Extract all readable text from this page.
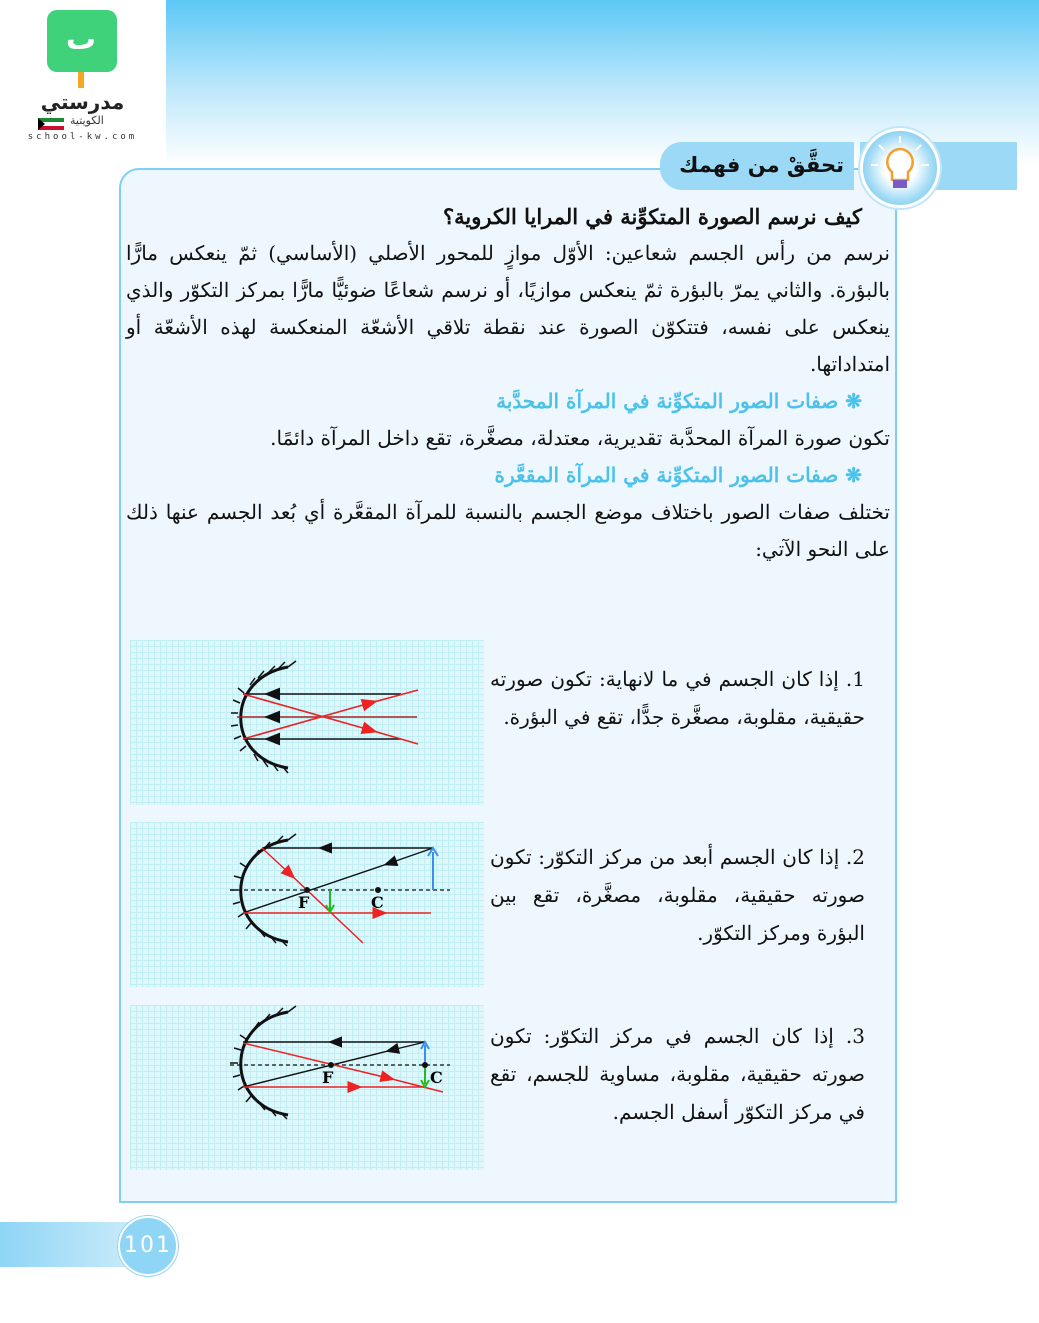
ٮ
مدرستي
الكويتية
school-kw.com
تحقَّقْ من فهمك
كيف نرسم الصورة المتكوِّنة في المرايا الكروية؟
نرسم من رأس الجسم شعاعين: الأوّل موازٍ للمحور الأصلي (الأساسي) ثمّ ينعكس مارًّا بالبؤرة. والثاني يمرّ بالبؤرة ثمّ ينعكس موازيًا، أو نرسم شعاعًا ضوئيًّا مارًّا بمركز التكوّر والذي ينعكس على نفسه، فتتكوّن الصورة عند نقطة تلاقي الأشعّة المنعكسة لهذه الأشعّة أو امتداداتها.
❋ صفات الصور المتكوِّنة في المرآة المحدَّبة
تكون صورة المرآة المحدَّبة تقديرية، معتدلة، مصغَّرة، تقع داخل المرآة دائمًا.
❋ صفات الصور المتكوِّنة في المرآة المقعَّرة
تختلف صفات الصور باختلاف موضع الجسم بالنسبة للمرآة المقعَّرة أي بُعد الجسم عنها ذلك على النحو الآتي:
1. إذا كان الجسم في ما لانهاية: تكون صورته حقيقية، مقلوبة، مصغَّرة جدًّا، تقع في البؤرة.
F	C
2. إذا كان الجسم أبعد من مركز التكوّر: تكون صورته حقيقية، مقلوبة، مصغَّرة، تقع بين البؤرة ومركز التكوّر.
F	C
3. إذا كان الجسم في مركز التكوّر: تكون صورته حقيقية، مقلوبة، مساوية للجسم، تقع في مركز التكوّر أسفل الجسم.
101
